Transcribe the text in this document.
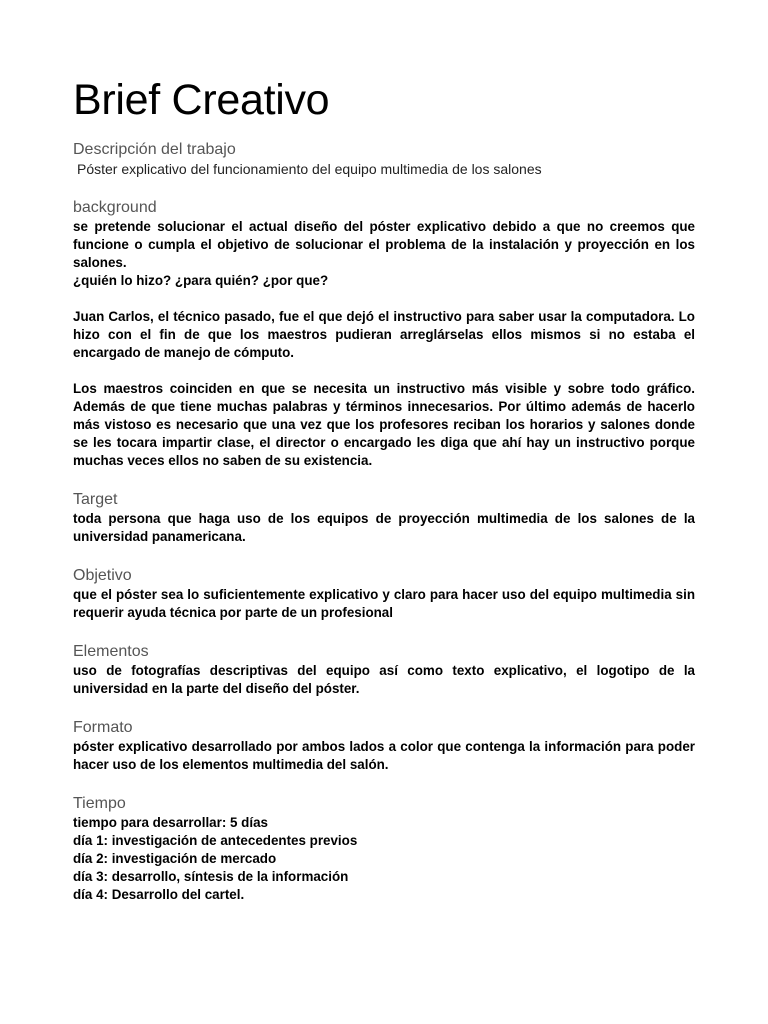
Brief Creativo

Descripción del trabajo

Póster explicativo del funcionamiento del equipo multimedia de los salones

background

se pretende solucionar el actual diseño del póster explicativo debido a que no creemos que funcione o cumpla el objetivo de solucionar el problema de la instalación y proyección en los salones.

¿quién lo hizo? ¿para quién? ¿por que?

Juan Carlos, el técnico pasado, fue el que dejó el instructivo para saber usar la computadora. Lo hizo con el fin de que los maestros pudieran arreglárselas ellos mismos si no estaba el encargado de manejo de cómputo.

Los maestros coinciden en que se necesita un instructivo más visible y sobre todo gráfico. Además de que tiene muchas palabras y términos innecesarios. Por último además de hacerlo más vistoso es necesario que una vez que los profesores reciban los horarios y salones donde se les tocara impartir clase, el director o encargado les diga que ahí hay un instructivo porque muchas veces ellos no saben de su existencia.

Target

toda persona que haga uso de los equipos de proyección multimedia de los salones de la universidad panamericana.

Objetivo

que el póster sea lo suficientemente explicativo y claro para hacer uso del equipo multimedia sin requerir ayuda técnica por parte de un profesional

Elementos

uso de fotografías descriptivas del equipo así como texto explicativo, el logotipo de la universidad en la parte del diseño del póster.

Formato

póster explicativo desarrollado por ambos lados a color que contenga la información para poder hacer uso de los elementos multimedia del salón.

Tiempo

tiempo para desarrollar: 5 días

día 1: investigación de antecedentes previos

día 2: investigación de mercado

día 3: desarrollo, síntesis de la información

día 4: Desarrollo del cartel.
